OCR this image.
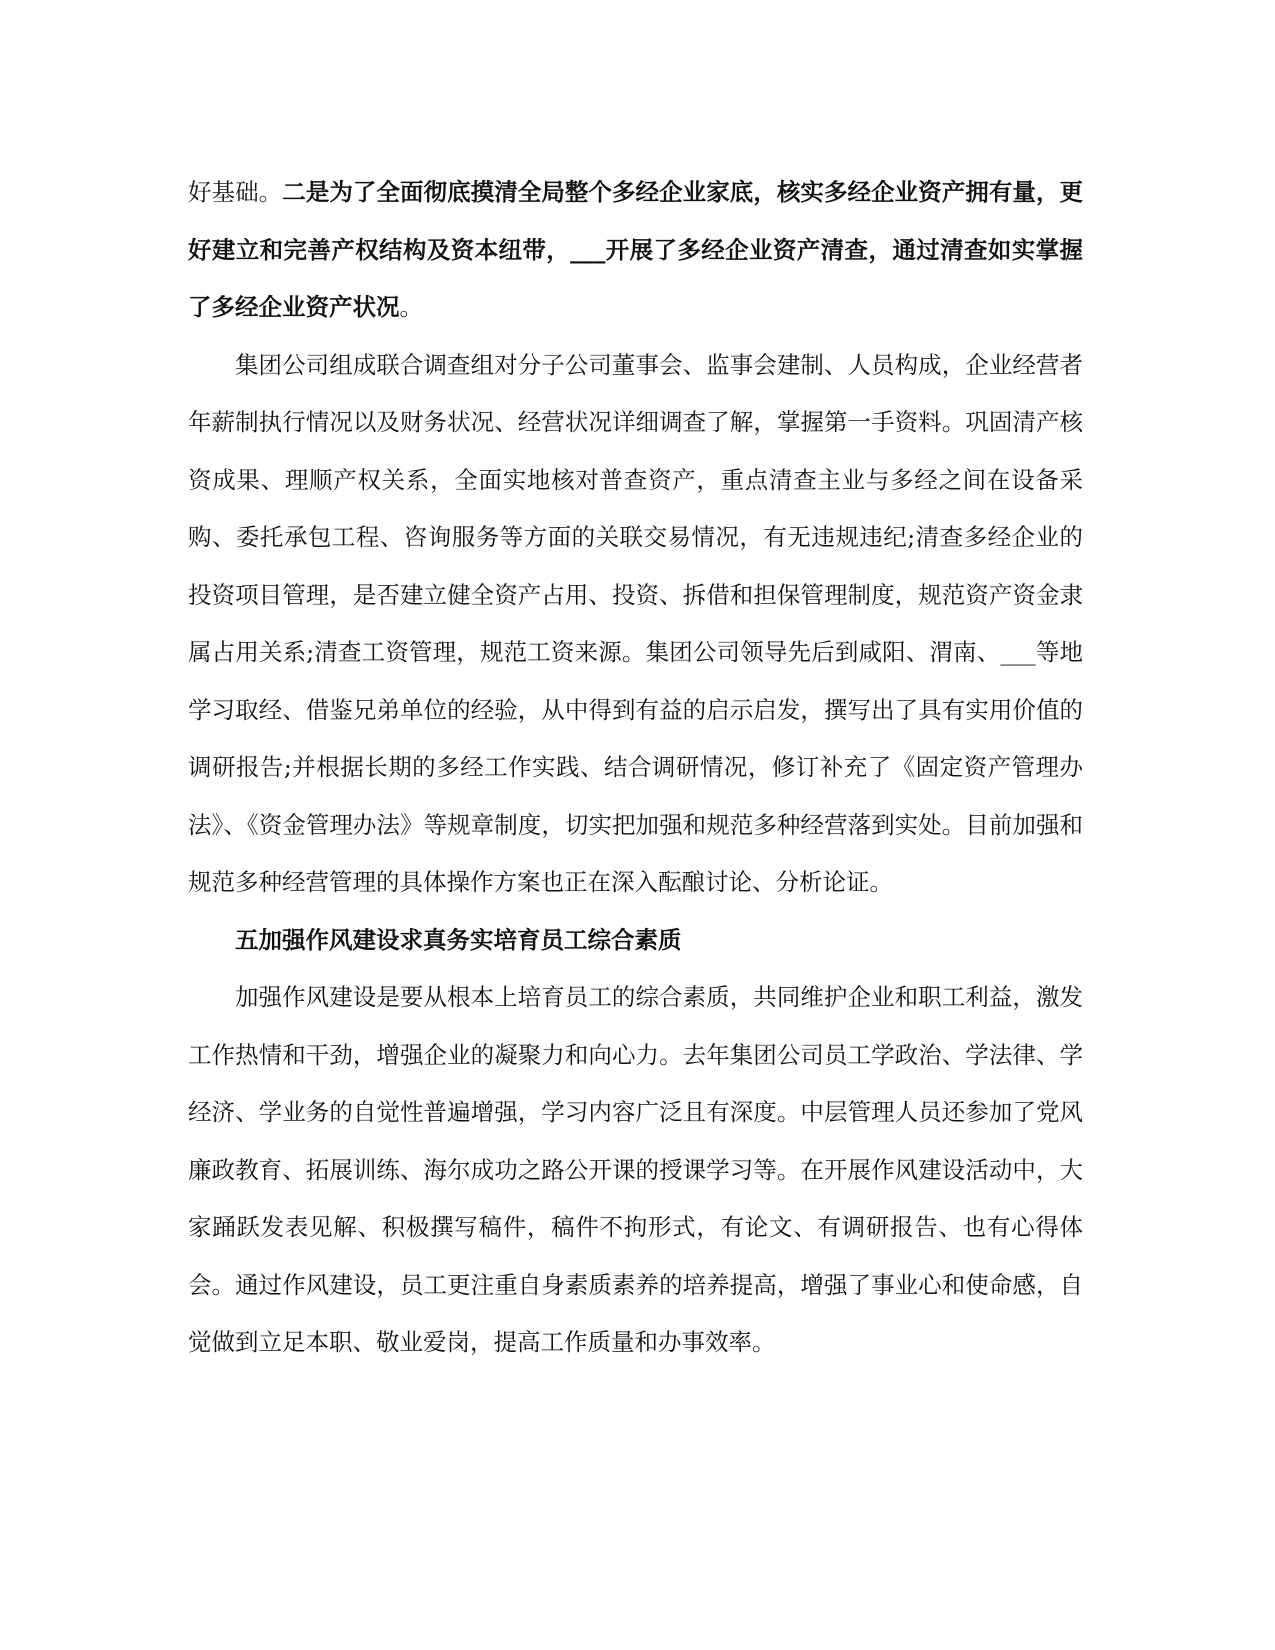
好基础。二是为了全面彻底摸清全局整个多经企业家底，核实多经企业资产拥有量，更好建立和完善产权结构及资本纽带，___开展了多经企业资产清查，通过清查如实掌握了多经企业资产状况。

集团公司组成联合调查组对分子公司董事会、监事会建制、人员构成，企业经营者年薪制执行情况以及财务状况、经营状况详细调查了解，掌握第一手资料。巩固清产核资成果、理顺产权关系，全面实地核对普查资产，重点清查主业与多经之间在设备采购、委托承包工程、咨询服务等方面的关联交易情况，有无违规违纪;清查多经企业的投资项目管理，是否建立健全资产占用、投资、拆借和担保管理制度，规范资产资金隶属占用关系;清查工资管理，规范工资来源。集团公司领导先后到咸阳、渭南、___等地学习取经、借鉴兄弟单位的经验，从中得到有益的启示启发，撰写出了具有实用价值的调研报告;并根据长期的多经工作实践、结合调研情况，修订补充了《固定资产管理办法》、《资金管理办法》等规章制度，切实把加强和规范多种经营落到实处。目前加强和规范多种经营管理的具体操作方案也正在深入酝酿讨论、分析论证。

五加强作风建设求真务实培育员工综合素质

加强作风建设是要从根本上培育员工的综合素质，共同维护企业和职工利益，激发工作热情和干劲，增强企业的凝聚力和向心力。去年集团公司员工学政治、学法律、学经济、学业务的自觉性普遍增强，学习内容广泛且有深度。中层管理人员还参加了党风廉政教育、拓展训练、海尔成功之路公开课的授课学习等。在开展作风建设活动中，大家踊跃发表见解、积极撰写稿件，稿件不拘形式，有论文、有调研报告、也有心得体会。通过作风建设，员工更注重自身素质素养的培养提高，增强了事业心和使命感，自觉做到立足本职、敬业爱岗，提高工作质量和办事效率。
